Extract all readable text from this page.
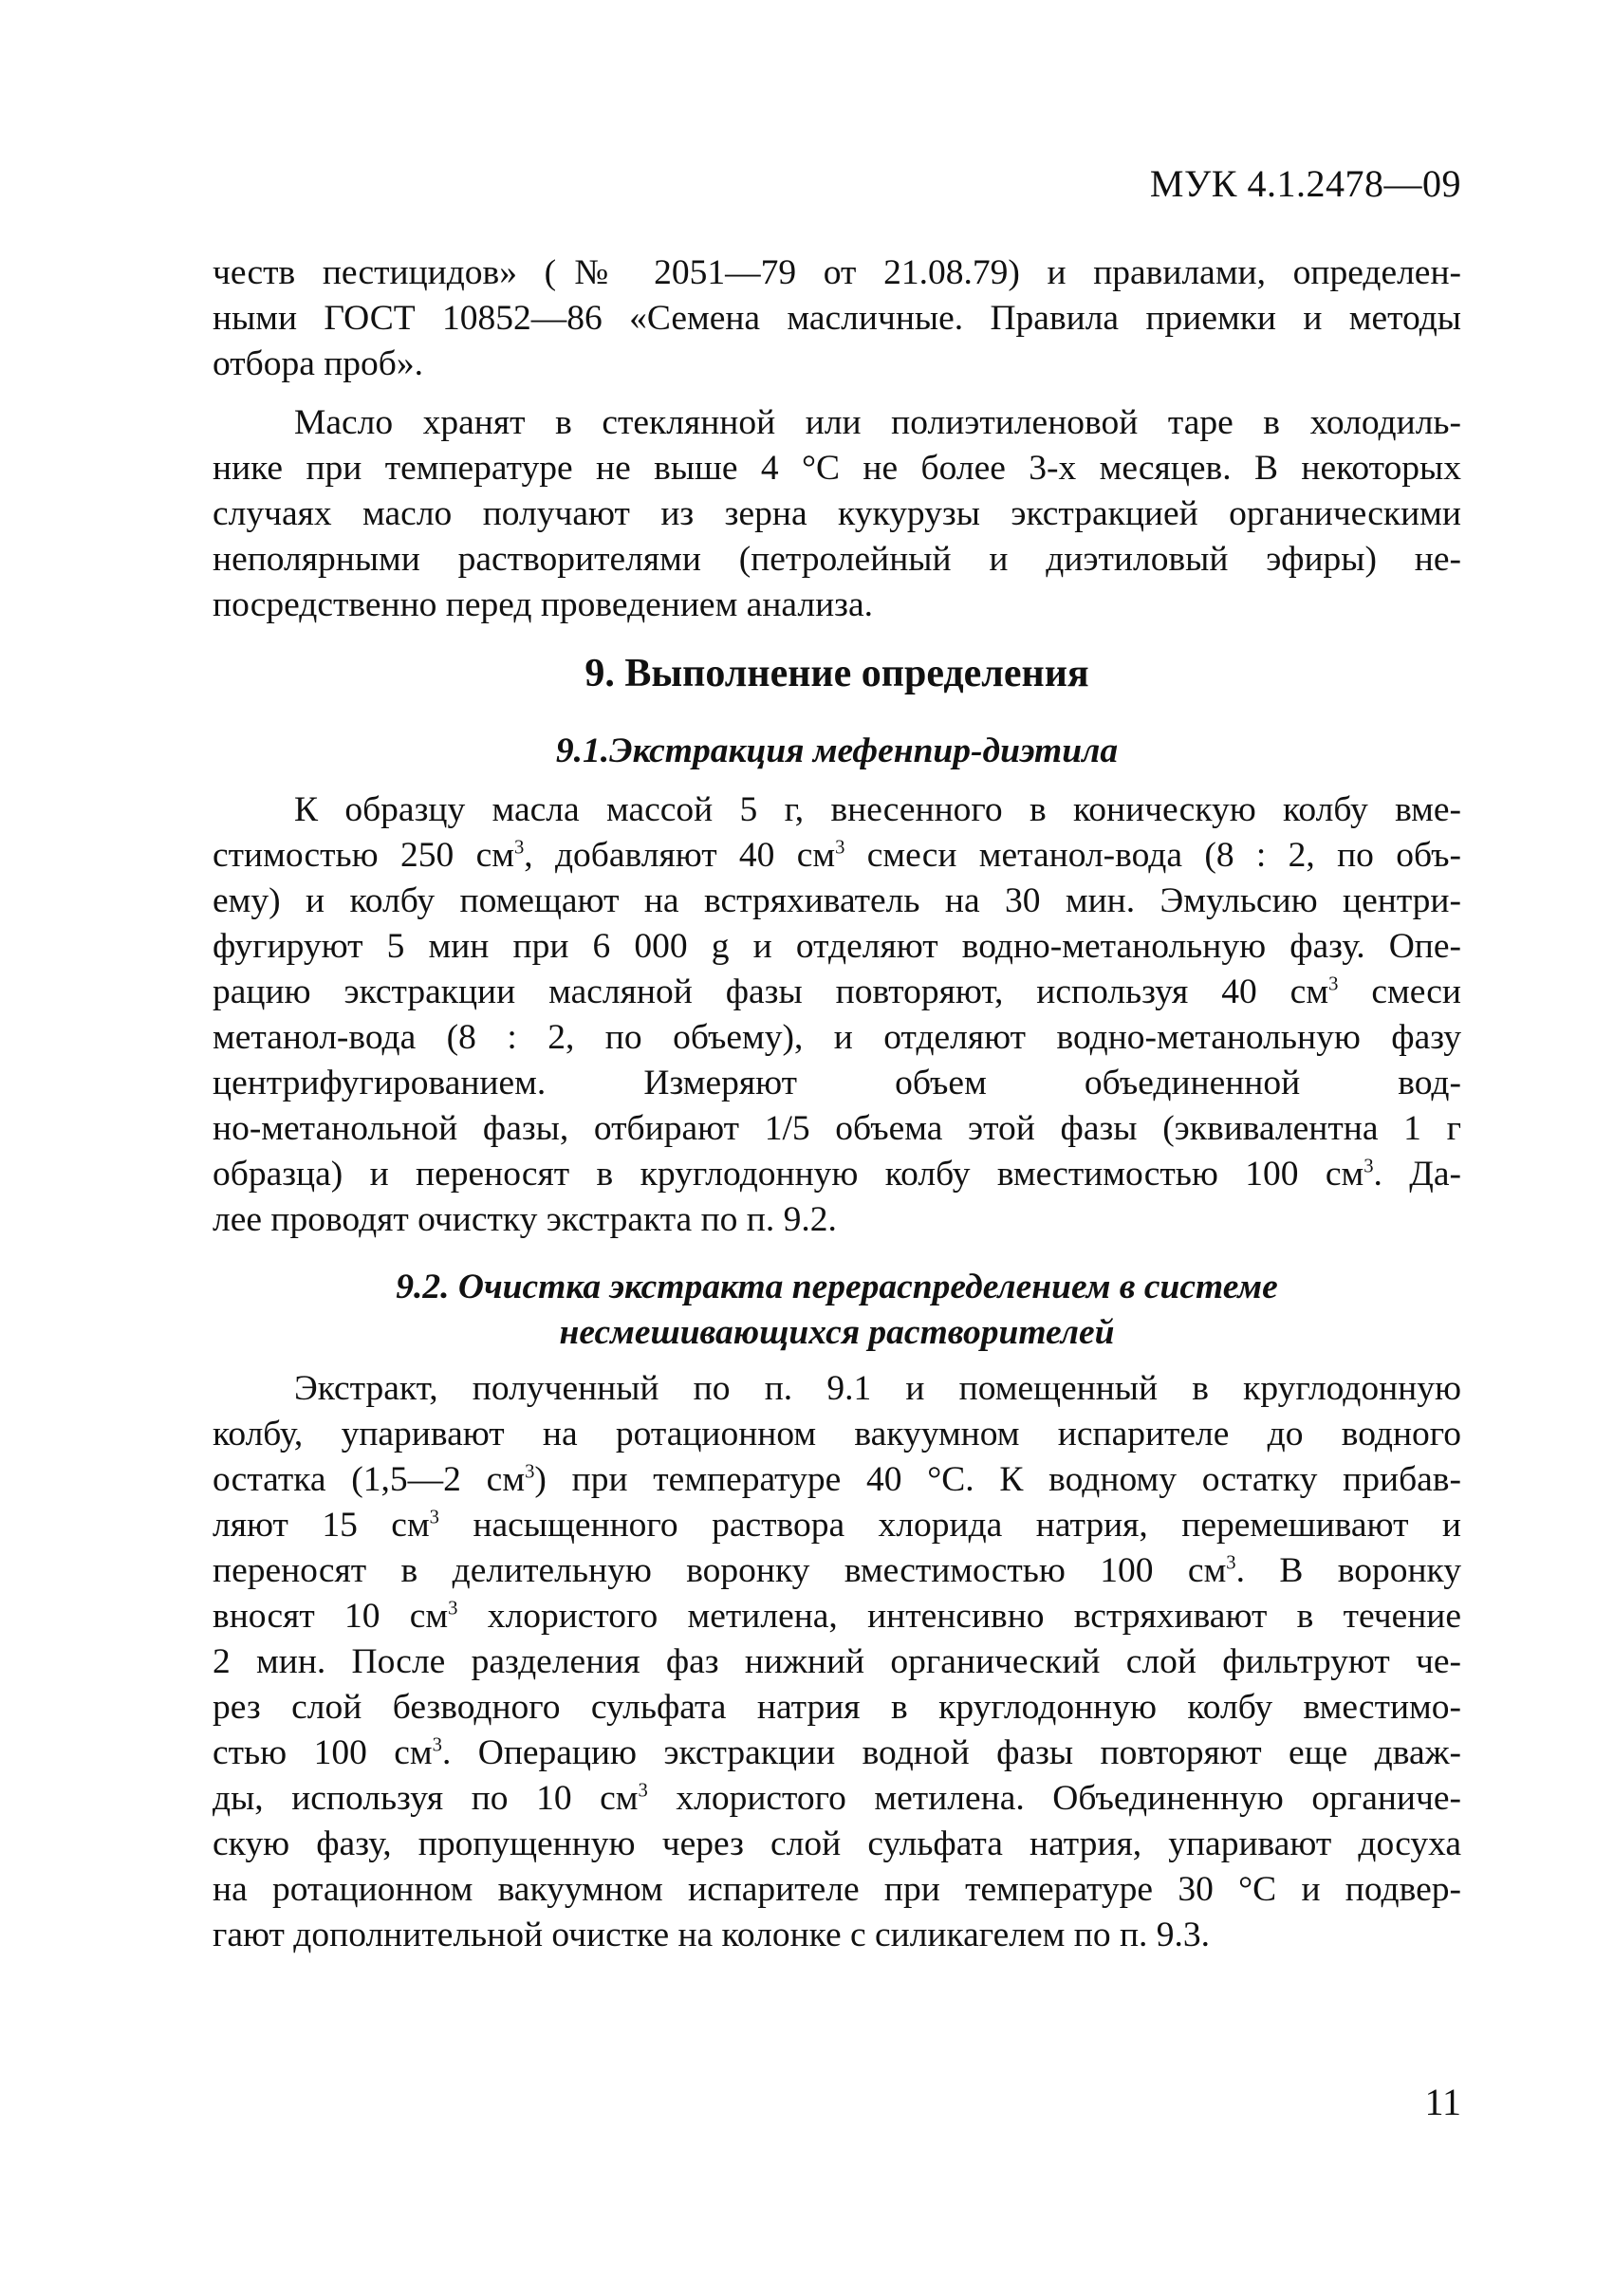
МУК 4.1.2478—09
честв пестицидов» (№ 2051—79 от 21.08.79) и правилами, определен-
ными ГОСТ 10852—86 «Семена масличные. Правила приемки и методы
отбора проб».
Масло хранят в стеклянной или полиэтиленовой таре в холодиль-
нике при температуре не выше 4 °С не более 3-х месяцев. В некоторых
случаях масло получают из зерна кукурузы экстракцией органическими
неполярными растворителями (петролейный и диэтиловый эфиры) не-
посредственно перед проведением анализа.
9. Выполнение определения
9.1.Экстракция мефенпир-диэтила
К образцу масла массой 5 г, внесенного в коническую колбу вме-
стимостью 250 $см^3$, добавляют 40 $см^3$ смеси метанол-вода (8 : 2, по объ-
ему) и колбу помещают на встряхиватель на 30 мин. Эмульсию центри-
фугируют 5 мин при 6 000 g и отделяют водно-метанольную фазу. Опе-
рацию экстракции масляной фазы повторяют, используя 40 $см^3$ смеси
метанол-вода (8 : 2, по объему), и отделяют водно-метанольную фазу
центрифугированием. Измеряют объем объединенной вод-
но-метанольной фазы, отбирают 1/5 объема этой фазы (эквивалентна 1 г
образца) и переносят в круглодонную колбу вместимостью 100 $см^3$. Да-
лее проводят очистку экстракта по п. 9.2.
9.2. Очистка экстракта перераспределением в системе
несмешивающихся растворителей
Экстракт, полученный по п. 9.1 и помещенный в круглодонную
колбу, упаривают на ротационном вакуумном испарителе до водного
остатка (1,5—2 $см^3$) при температуре 40 °С. К водному остатку прибав-
ляют 15 $см^3$ насыщенного раствора хлорида натрия, перемешивают и
переносят в делительную воронку вместимостью 100 $см^3$. В воронку
вносят 10 $см^3$ хлористого метилена, интенсивно встряхивают в течение
2 мин. После разделения фаз нижний органический слой фильтруют че-
рез слой безводного сульфата натрия в круглодонную колбу вместимо-
стью 100 $см^3$. Операцию экстракции водной фазы повторяют еще дваж-
ды, используя по 10 $см^3$ хлористого метилена. Объединенную органиче-
скую фазу, пропущенную через слой сульфата натрия, упаривают досуха
на ротационном вакуумном испарителе при температуре 30 °С и подвер-
гают дополнительной очистке на колонке с силикагелем по п. 9.3.
11
